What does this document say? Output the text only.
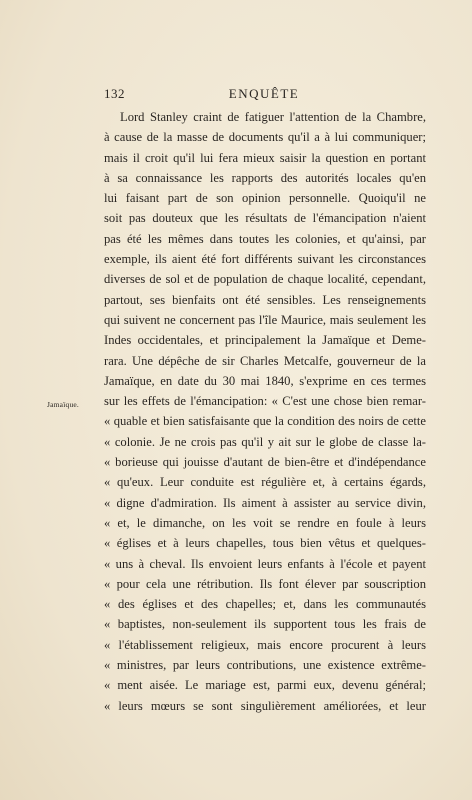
132	ENQUÊTE
Jamaïque.
Lord Stanley craint de fatiguer l'attention de la Chambre,
à cause de la masse de documents qu'il a à lui communiquer;
mais il croit qu'il lui fera mieux saisir la question en portant
à sa connaissance les rapports des autorités locales qu'en
lui faisant part de son opinion personnelle. Quoiqu'il ne
soit pas douteux que les résultats de l'émancipation n'aient
pas été les mêmes dans toutes les colonies, et qu'ainsi, par
exemple, ils aient été fort différents suivant les circonstances
diverses de sol et de population de chaque localité, cependant,
partout, ses bienfaits ont été sensibles. Les renseignements
qui suivent ne concernent pas l'île Maurice, mais seulement les
Indes occidentales, et principalement la Jamaïque et Deme-
rara. Une dépêche de sir Charles Metcalfe, gouverneur de la
Jamaïque, en date du 30 mai 1840, s'exprime en ces termes
sur les effets de l'émancipation: « C'est une chose bien remar-
« quable et bien satisfaisante que la condition des noirs de cette
« colonie. Je ne crois pas qu'il y ait sur le globe de classe la-
« borieuse qui jouisse d'autant de bien-être et d'indépendance
« qu'eux. Leur conduite est régulière et, à certains égards,
« digne d'admiration. Ils aiment à assister au service divin,
« et, le dimanche, on les voit se rendre en foule à leurs
« églises et à leurs chapelles, tous bien vêtus et quelques-
« uns à cheval. Ils envoient leurs enfants à l'école et payent
« pour cela une rétribution. Ils font élever par souscription
« des églises et des chapelles; et, dans les communautés
« baptistes, non-seulement ils supportent tous les frais de
« l'établissement religieux, mais encore procurent à leurs
« ministres, par leurs contributions, une existence extrême-
« ment aisée. Le mariage est, parmi eux, devenu général;
« leurs mœurs se sont singulièrement améliorées, et leur
